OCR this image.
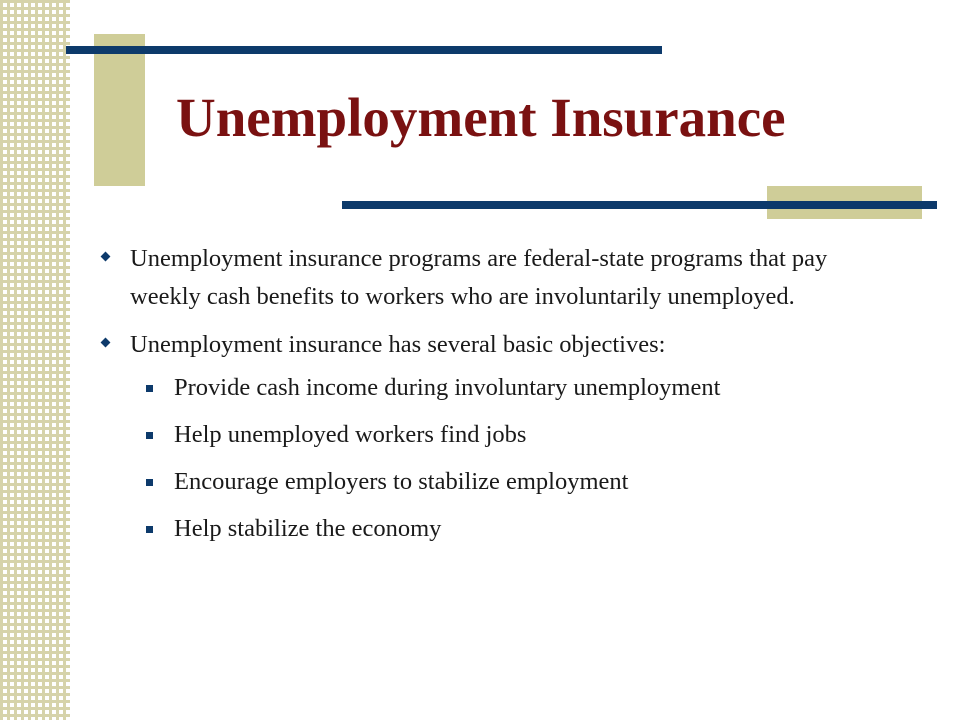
Unemployment Insurance
Unemployment insurance programs are federal-state programs that pay weekly cash benefits to workers who are involuntarily unemployed.
Unemployment insurance has several basic objectives:
Provide cash income during involuntary unemployment
Help unemployed workers find jobs
Encourage employers to stabilize employment
Help stabilize the economy
